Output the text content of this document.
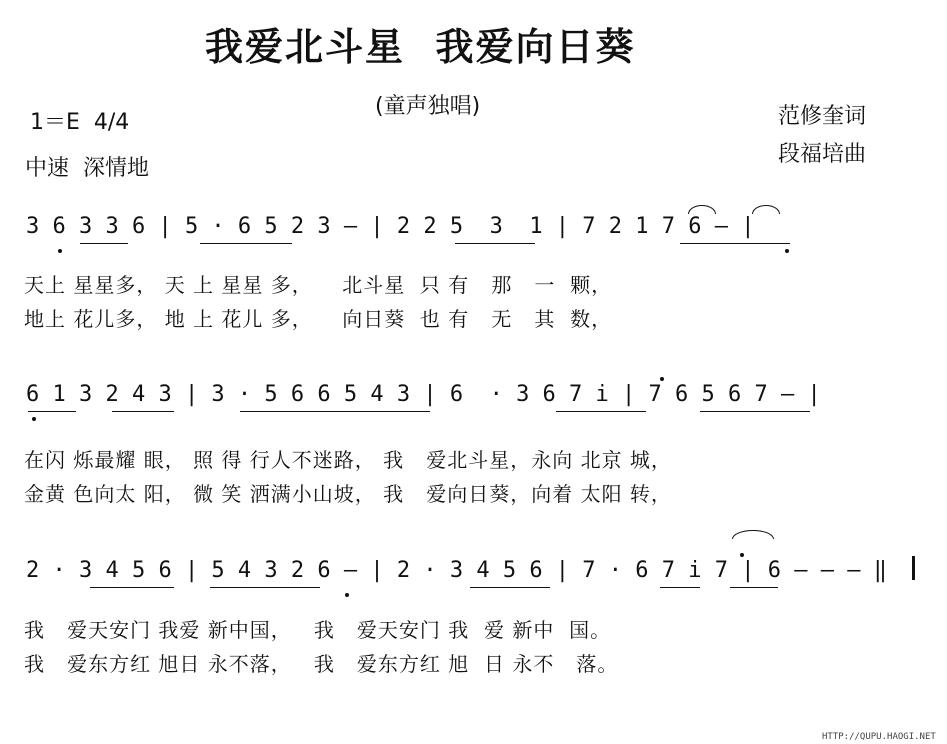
我爱北斗星  我爱向日葵
(童声独唱)
1＝E  4/4
中速  深情地
范修奎词
段福培曲
3 6 3 3 6 | 5 · 6 5 2 3 — | 2 2 5  3  1 | 7 2 1 7 6 — |
天上 星星多， 天 上 星星 多，    北斗星  只 有   那   一  颗，
地上 花儿多， 地 上 花儿 多，    向日葵  也 有   无   其  数，
6 1 3 2 4 3 | 3 · 5 6 6 5 4 3 | 6  · 3 6 7 i | 7 6 5 6 7 — |
在闪 烁最耀 眼， 照 得 行人不迷路， 我   爱北斗星，永向 北京 城，
金黄 色向太 阳， 微 笑 洒满小山坡， 我   爱向日葵，向着 太阳 转，
2 · 3 4 5 6 | 5 4 3 2 6 — | 2 · 3 4 5 6 | 7 · 6 7 i 7 | 6 — — — ‖
我   爱天安门 我爱 新中国，   我   爱天安门 我  爱 新中  国。
我   爱东方红 旭日 永不落，   我   爱东方红 旭  日 永不   落。
HTTP://QUPU.HAOGI.NET
